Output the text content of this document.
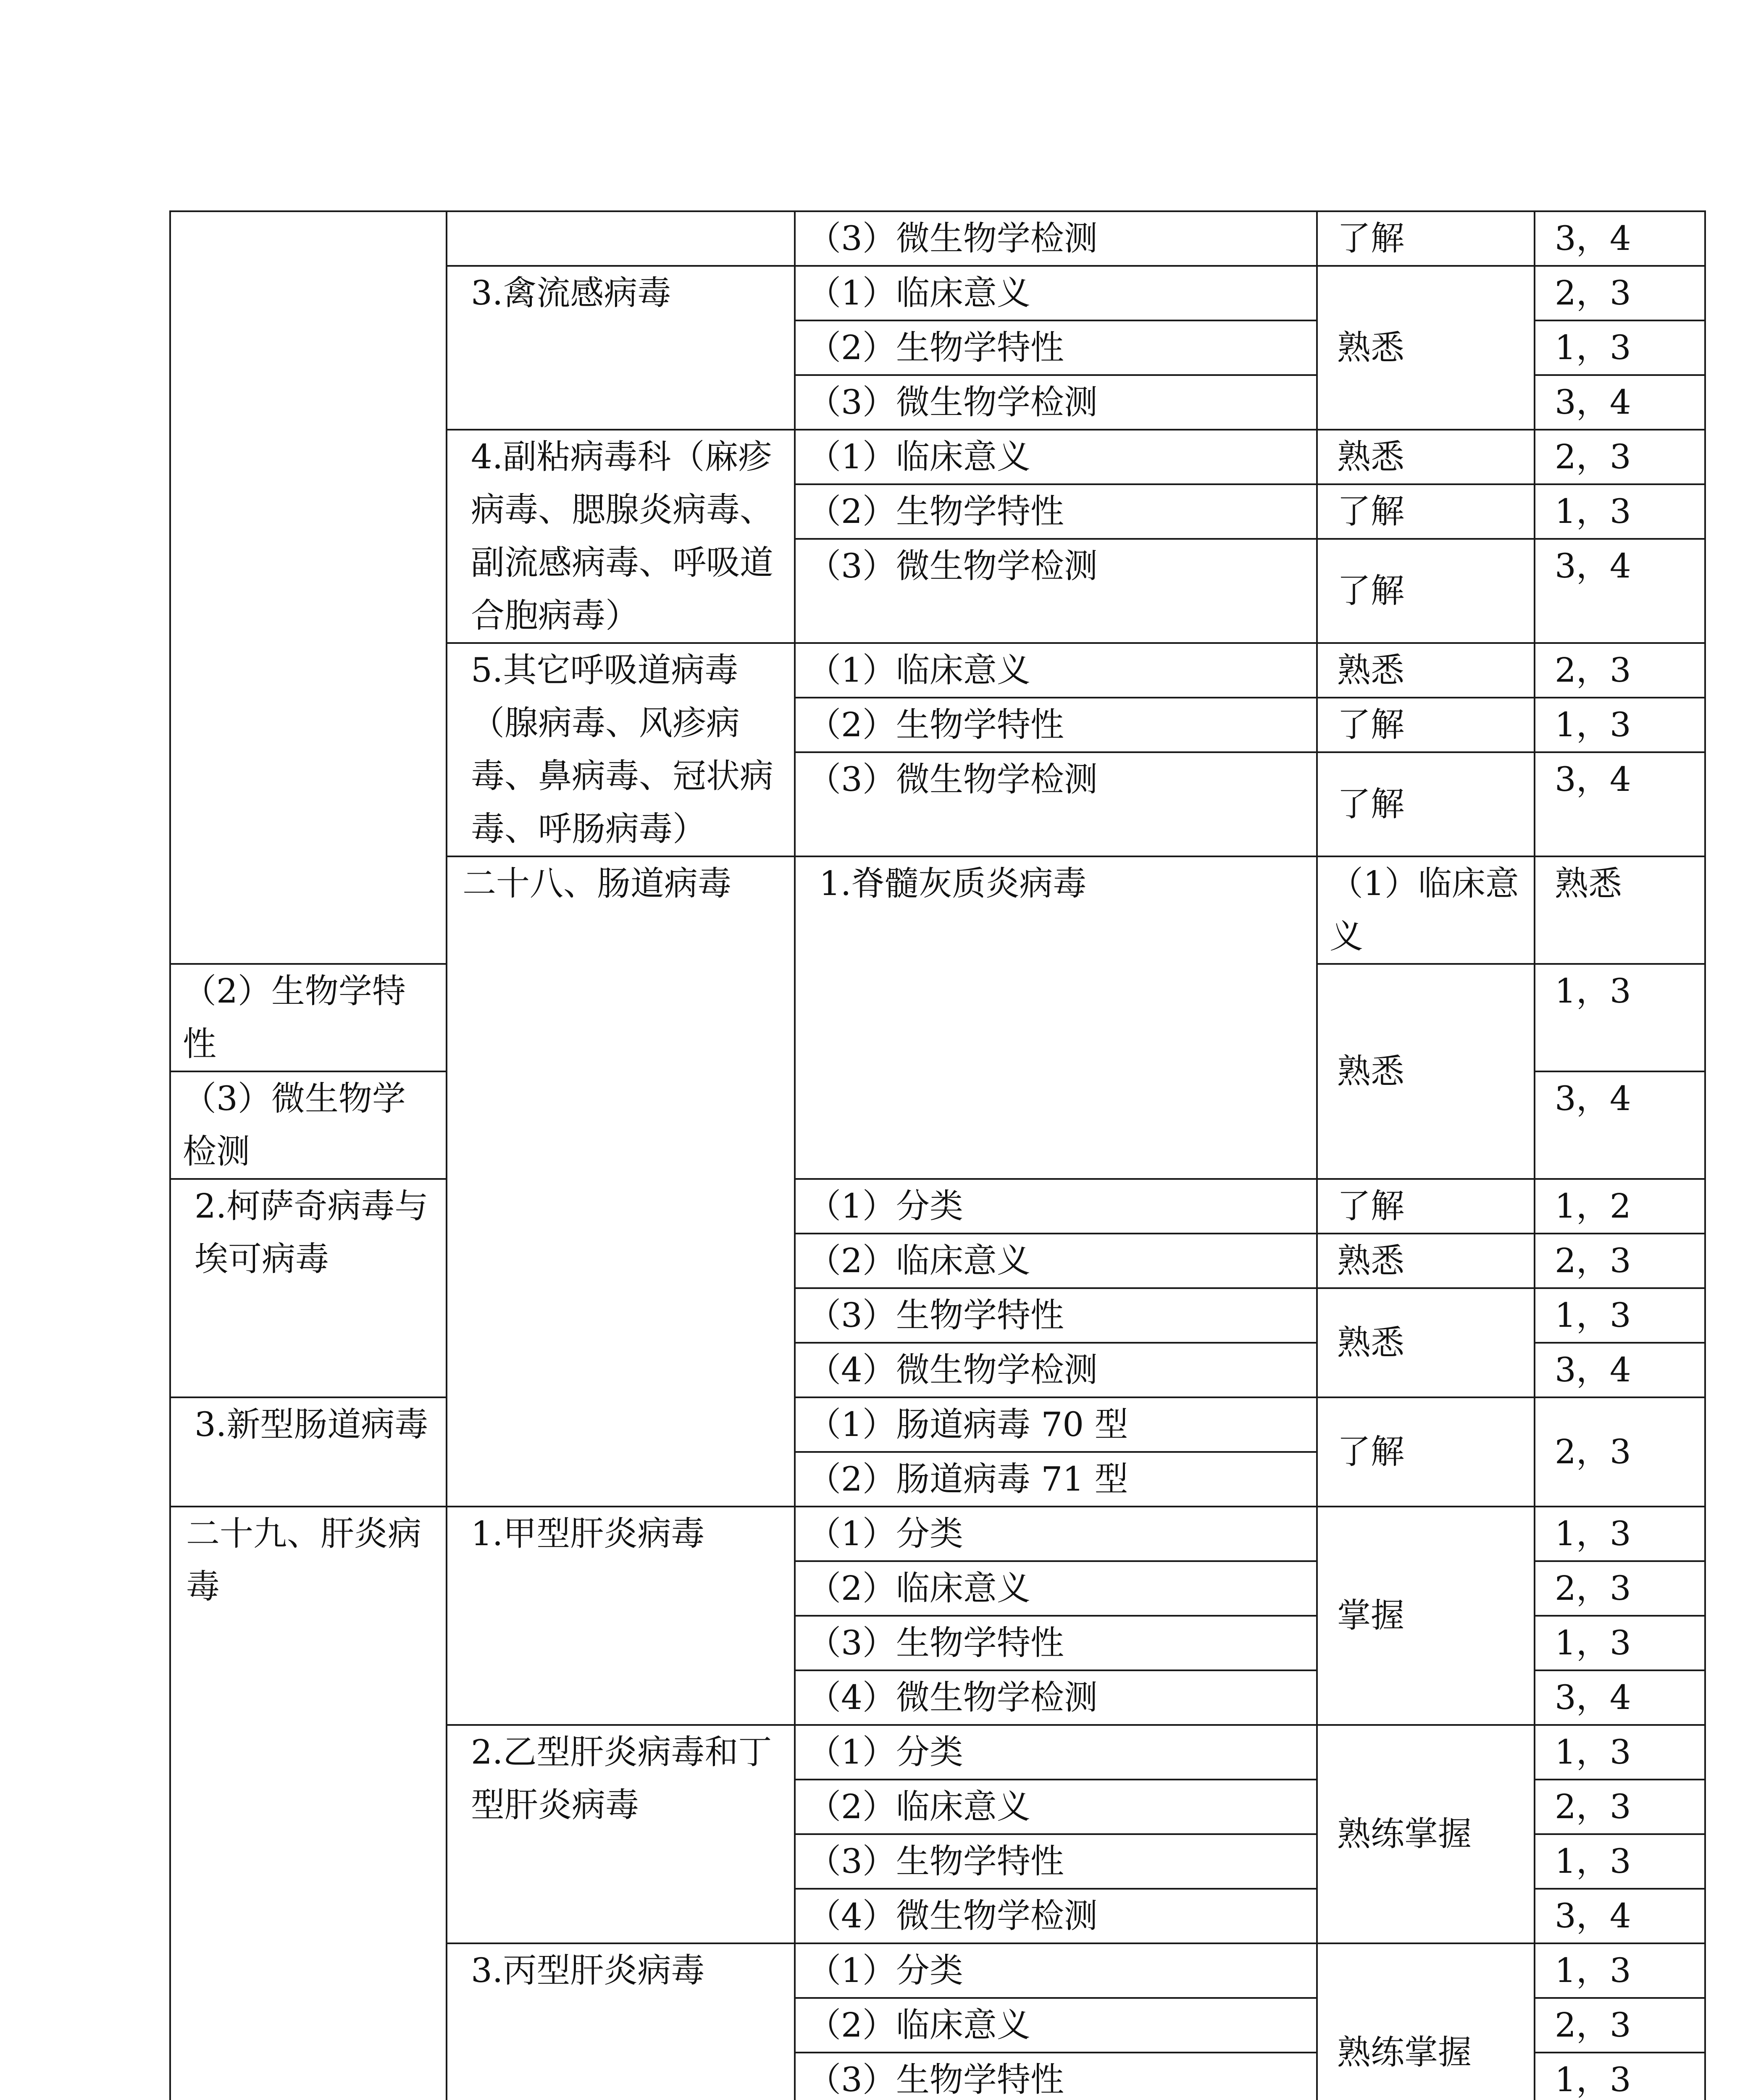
		（3）微生物学检测	了解	3，4	
	3.禽流感病毒	（1）临床意义	熟悉	2，3	
		（2）生物学特性		1，3	
		（3）微生物学检测		3，4	
	4.副粘病毒科（麻疹病毒、腮腺炎病毒、副流感病毒、呼吸道合胞病毒）	（1）临床意义	熟悉	2，3	
		（2）生物学特性	了解	1，3	
		（3）微生物学检测	了解	3，4	
	5.其它呼吸道病毒（腺病毒、风疹病毒、鼻病毒、冠状病毒、呼肠病毒）	（1）临床意义	熟悉	2，3	
		（2）生物学特性	了解	1，3	
		（3）微生物学检测	了解	3，4	
	二十八、肠道病毒	1.脊髓灰质炎病毒	（1）临床意义	熟悉	
（2）生物学特性			熟悉	1，3	
（3）微生物学检测				3，4	
2.柯萨奇病毒与埃可病毒		（1）分类	了解	1，2	
		（2）临床意义	熟悉	2，3	
		（3）生物学特性	熟悉	1，3	
		（4）微生物学检测		3，4	
3.新型肠道病毒		（1）肠道病毒 70 型	了解	2，3	
		（2）肠道病毒 71 型			
二十九、肝炎病毒	1.甲型肝炎病毒	（1）分类	掌握	1，3	
		（2）临床意义		2，3	
		（3）生物学特性		1，3	
		（4）微生物学检测		3，4	
	2.乙型肝炎病毒和丁型肝炎病毒	（1）分类	熟练掌握	1，3	
		（2）临床意义		2，3	
		（3）生物学特性		1，3	
		（4）微生物学检测		3，4	
	3.丙型肝炎病毒	（1）分类	熟练掌握	1，3	
		（2）临床意义		2，3	
		（3）生物学特性		1，3	
